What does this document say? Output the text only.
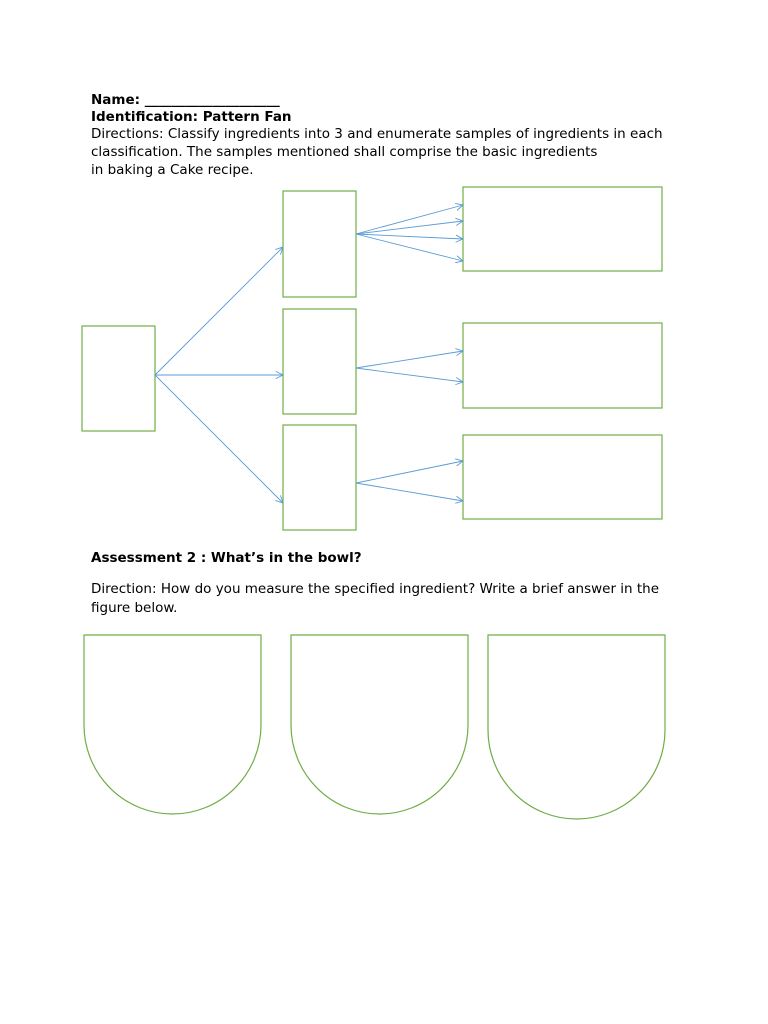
Name: ____________________
Identification: Pattern Fan
Directions: Classify ingredients into 3 and enumerate samples of ingredients in each
classification. The samples mentioned shall comprise the basic ingredients
in baking a Cake recipe.
Assessment 2 : What’s in the bowl?
Direction: How do you measure the specified ingredient? Write a brief answer in the
figure below.
